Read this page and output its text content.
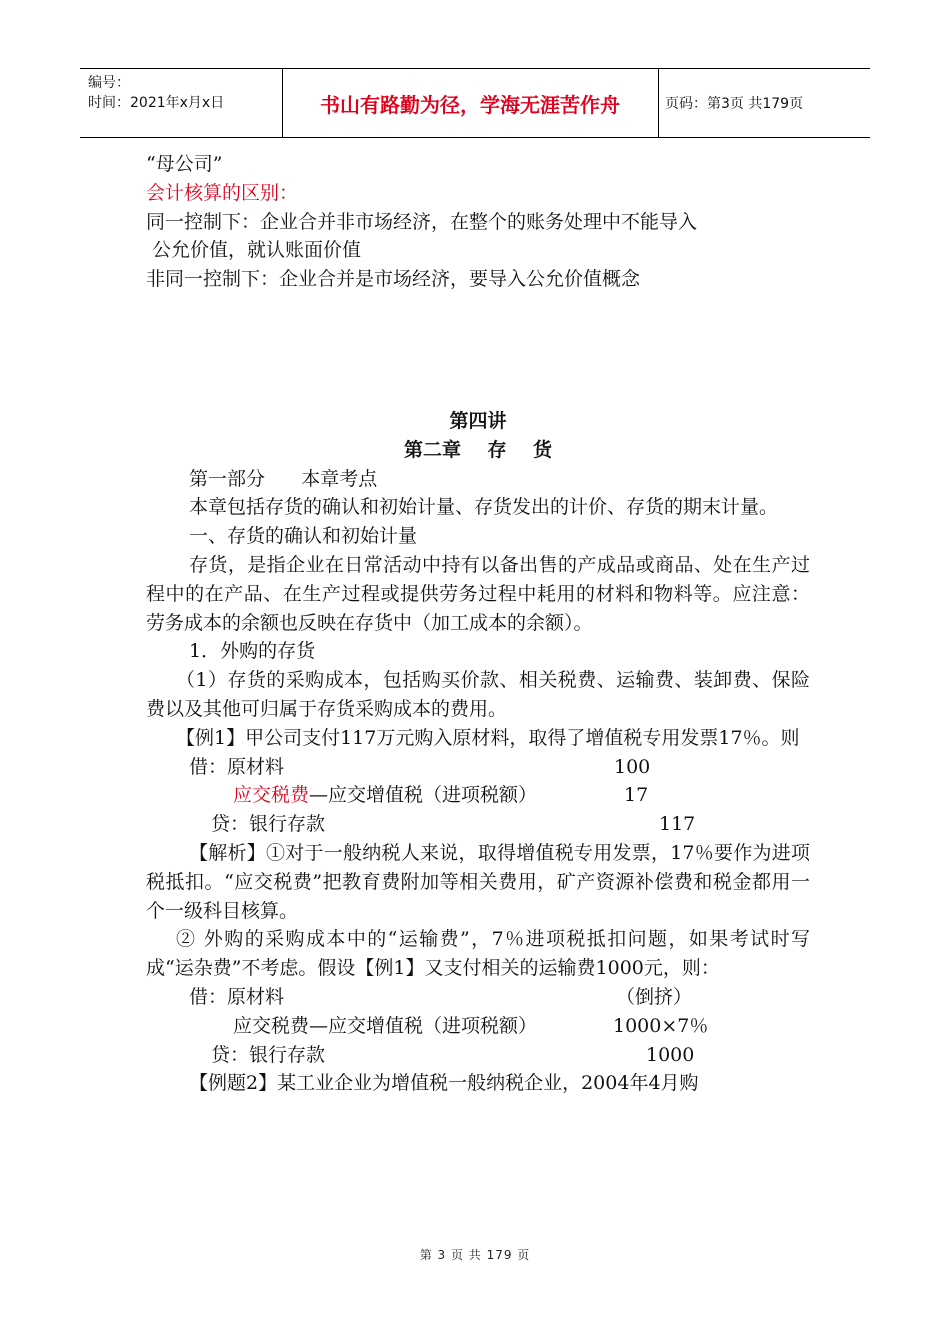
编号：
时间：2021年x月x日	书山有路勤为径，学海无涯苦作舟	页码：第3页 共179页
“母公司”
会计核算的区别：
同一控制下：企业合并非市场经济，在整个的账务处理中不能导入
公允价值，就认账面价值
非同一控制下：企业合并是市场经济，要导入公允价值概念
第四讲
第二章    存    货
第一部分      本章考点
本章包括存货的确认和初始计量、存货发出的计价、存货的期末计量。
一、存货的确认和初始计量
存货，是指企业在日常活动中持有以备出售的产成品或商品、处在生产过程中的在产品、在生产过程或提供劳务过程中耗用的材料和物料等。应注意：劳务成本的余额也反映在存货中（加工成本的余额）。
1．外购的存货
（1）存货的采购成本，包括购买价款、相关税费、运输费、装卸费、保险费以及其他可归属于存货采购成本的费用。
【例1】甲公司支付117万元购入原材料，取得了增值税专用发票17％。则
借：原材料	100
应交税费—应交增值税（进项税额）	17
贷：银行存款	117
【解析】①对于一般纳税人来说，取得增值税专用发票，17％要作为进项税抵扣。“应交税费”把教育费附加等相关费用，矿产资源补偿费和税金都用一个一级科目核算。
② 外购的采购成本中的“运输费”，7％进项税抵扣问题，如果考试时写成“运杂费”不考虑。假设【例1】又支付相关的运输费1000元，则：
借：原材料	（倒挤）
应交税费—应交增值税（进项税额）	1000×7％
贷：银行存款	1000
【例题2】某工业企业为增值税一般纳税企业，2004年4月购
第 3 页 共 179 页
